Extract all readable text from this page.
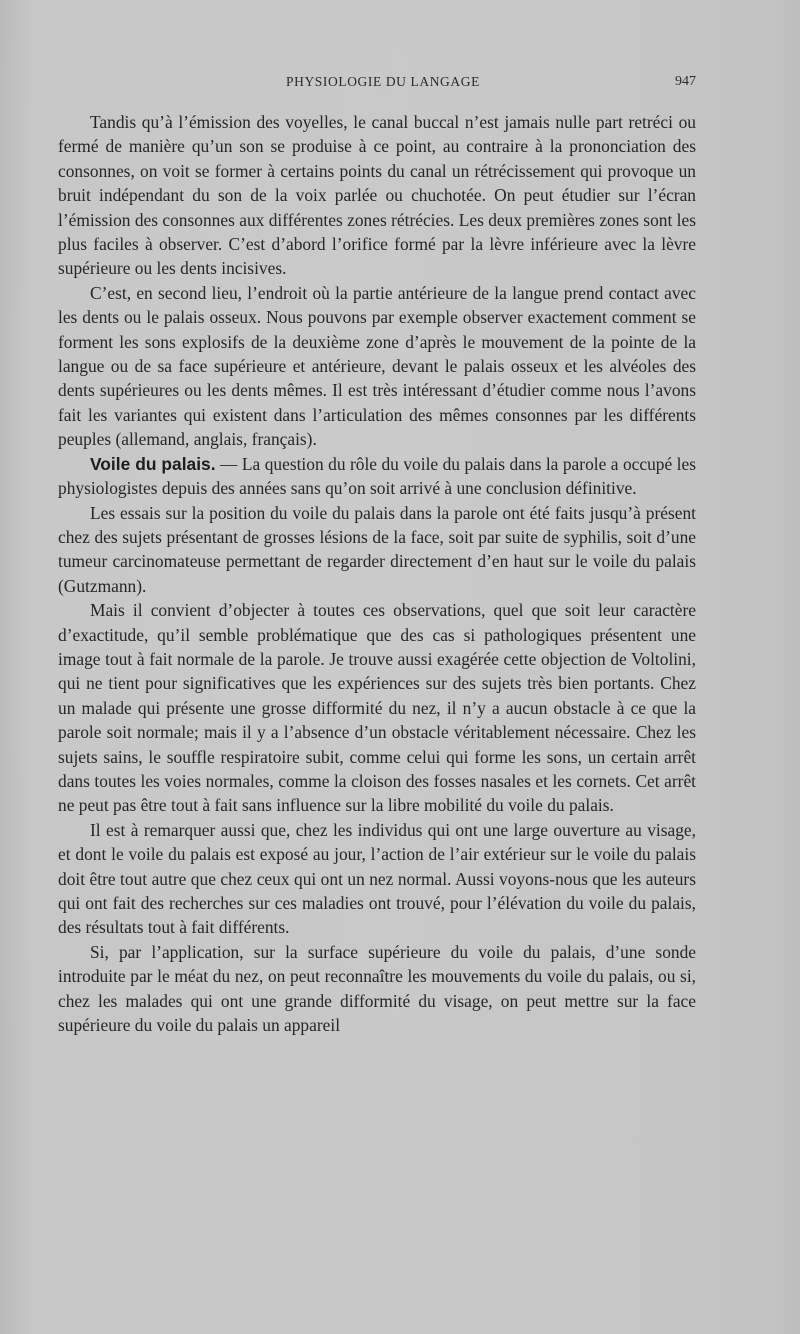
PHYSIOLOGIE DU LANGAGE	947

Tandis qu’à l’émission des voyelles, le canal buccal n’est jamais nulle part retréci ou fermé de manière qu’un son se produise à ce point, au contraire à la prononciation des consonnes, on voit se former à certains points du canal un rétrécissement qui provoque un bruit indépendant du son de la voix parlée ou chuchotée. On peut étudier sur l’écran l’émission des consonnes aux différentes zones rétrécies. Les deux premières zones sont les plus faciles à observer. C’est d’abord l’orifice formé par la lèvre inférieure avec la lèvre supérieure ou les dents incisives.

C’est, en second lieu, l’endroit où la partie antérieure de la langue prend contact avec les dents ou le palais osseux. Nous pouvons par exemple observer exactement comment se forment les sons explosifs de la deuxième zone d’après le mouvement de la pointe de la langue ou de sa face supérieure et antérieure, devant le palais osseux et les alvéoles des dents supérieures ou les dents mêmes. Il est très intéressant d’étudier comme nous l’avons fait les variantes qui existent dans l’articulation des mêmes consonnes par les différents peuples (allemand, anglais, français).

Voile du palais. — La question du rôle du voile du palais dans la parole a occupé les physiologistes depuis des années sans qu’on soit arrivé à une conclusion définitive.

Les essais sur la position du voile du palais dans la parole ont été faits jusqu’à présent chez des sujets présentant de grosses lésions de la face, soit par suite de syphilis, soit d’une tumeur carcinomateuse permettant de regarder directement d’en haut sur le voile du palais (Gutzmann).

Mais il convient d’objecter à toutes ces observations, quel que soit leur caractère d’exactitude, qu’il semble problématique que des cas si pathologiques présentent une image tout à fait normale de la parole. Je trouve aussi exagérée cette objection de Voltolini, qui ne tient pour significatives que les expériences sur des sujets très bien portants. Chez un malade qui présente une grosse difformité du nez, il n’y a aucun obstacle à ce que la parole soit normale; mais il y a l’absence d’un obstacle véritablement nécessaire. Chez les sujets sains, le souffle respiratoire subit, comme celui qui forme les sons, un certain arrêt dans toutes les voies normales, comme la cloison des fosses nasales et les cornets. Cet arrêt ne peut pas être tout à fait sans influence sur la libre mobilité du voile du palais.

Il est à remarquer aussi que, chez les individus qui ont une large ouverture au visage, et dont le voile du palais est exposé au jour, l’action de l’air extérieur sur le voile du palais doit être tout autre que chez ceux qui ont un nez normal. Aussi voyons-nous que les auteurs qui ont fait des recherches sur ces maladies ont trouvé, pour l’élévation du voile du palais, des résultats tout à fait différents.

Si, par l’application, sur la surface supérieure du voile du palais, d’une sonde introduite par le méat du nez, on peut reconnaître les mouvements du voile du palais, ou si, chez les malades qui ont une grande difformité du visage, on peut mettre sur la face supérieure du voile du palais un appareil
